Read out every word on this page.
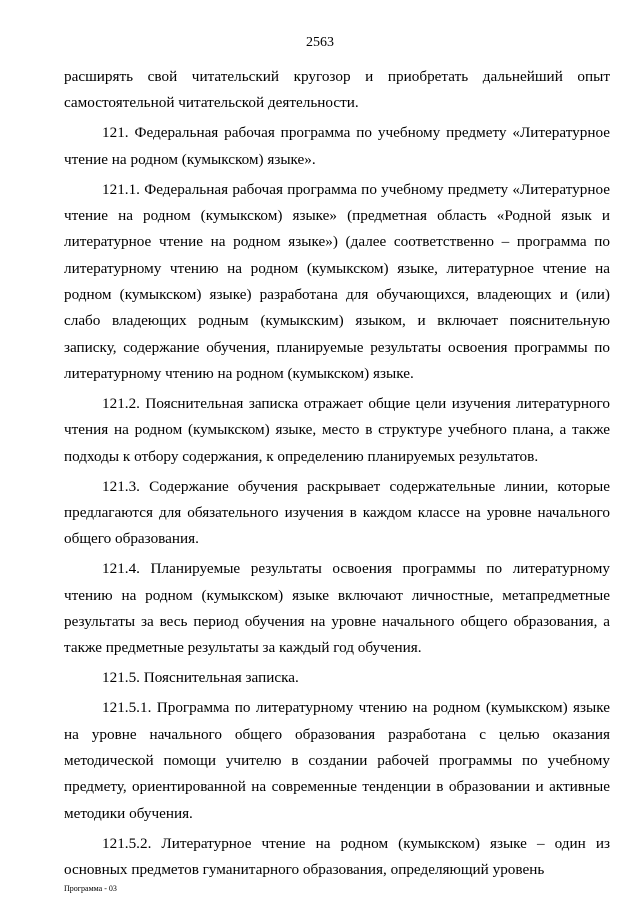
2563

расширять свой читательский кругозор и приобретать дальнейший опыт самостоятельной читательской деятельности.

121. Федеральная рабочая программа по учебному предмету «Литературное чтение на родном (кумыкском) языке».

121.1. Федеральная рабочая программа по учебному предмету «Литературное чтение на родном (кумыкском) языке» (предметная область «Родной язык и литературное чтение на родном языке») (далее соответственно – программа по литературному чтению на родном (кумыкском) языке, литературное чтение на родном (кумыкском) языке) разработана для обучающихся, владеющих и (или) слабо владеющих родным (кумыкским) языком, и включает пояснительную записку, содержание обучения, планируемые результаты освоения программы по литературному чтению на родном (кумыкском) языке.

121.2. Пояснительная записка отражает общие цели изучения литературного чтения на родном (кумыкском) языке, место в структуре учебного плана, а также подходы к отбору содержания, к определению планируемых результатов.

121.3. Содержание обучения раскрывает содержательные линии, которые предлагаются для обязательного изучения в каждом классе на уровне начального общего образования.

121.4. Планируемые результаты освоения программы по литературному чтению на родном (кумыкском) языке включают личностные, метапредметные результаты за весь период обучения на уровне начального общего образования, а также предметные результаты за каждый год обучения.

121.5. Пояснительная записка.

121.5.1. Программа по литературному чтению на родном (кумыкском) языке на уровне начального общего образования разработана с целью оказания методической помощи учителю в создании рабочей программы по учебному предмету, ориентированной на современные тенденции в образовании и активные методики обучения.

121.5.2. Литературное чтение на родном (кумыкском) языке – один из основных предметов гуманитарного образования, определяющий уровень

Программа - 03
